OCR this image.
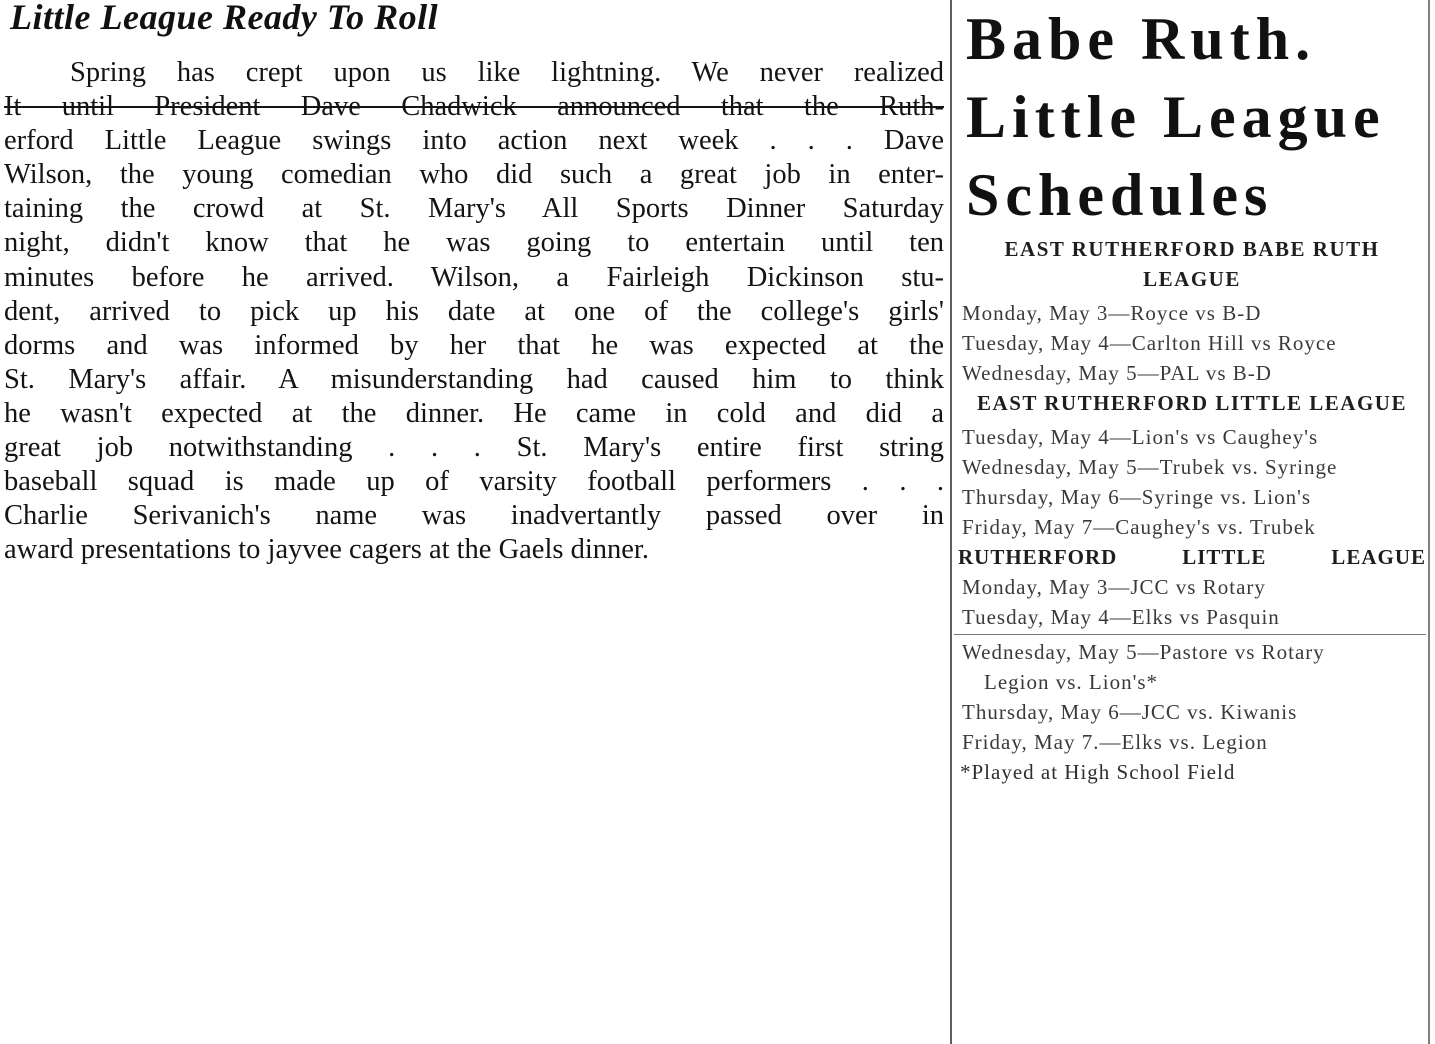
Little League Ready To Roll
Spring has crept upon us like lightning. We never realized
It until President Dave Chadwick announced that the Ruth-
erford Little League swings into action next week . . . Dave
Wilson, the young comedian who did such a great job in enter-
taining the crowd at St. Mary's All Sports Dinner Saturday
night, didn't know that he was going to entertain until ten
minutes before he arrived. Wilson, a Fairleigh Dickinson stu-
dent, arrived to pick up his date at one of the college's girls'
dorms and was informed by her that he was expected at the
St. Mary's affair. A misunderstanding had caused him to think
he wasn't expected at the dinner. He came in cold and did a
great job notwithstanding . . . St. Mary's entire first string
baseball squad is made up of varsity football performers . . .
Charlie Serivanich's name was inadvertantly passed over in
award presentations to jayvee cagers at the Gaels dinner.
Babe Ruth.
Little League
Schedules
EAST RUTHERFORD BABE RUTH LEAGUE
Monday, May 3—Royce vs B-D
Tuesday, May 4—Carlton Hill vs Royce
Wednesday, May 5—PAL vs B-D
EAST RUTHERFORD LITTLE LEAGUE
Tuesday, May 4—Lion's vs Caughey's
Wednesday, May 5—Trubek vs. Syringe
Thursday, May 6—Syringe vs. Lion's
Friday, May 7—Caughey's vs. Trubek
RUTHERFORD LITTLE LEAGUE
Monday, May 3—JCC vs Rotary
Tuesday, May 4—Elks vs Pasquin
Wednesday, May 5—Pastore vs Rotary
Legion vs. Lion's*
Thursday, May 6—JCC vs. Kiwanis
Friday, May 7.—Elks vs. Legion
*Played at High School Field
